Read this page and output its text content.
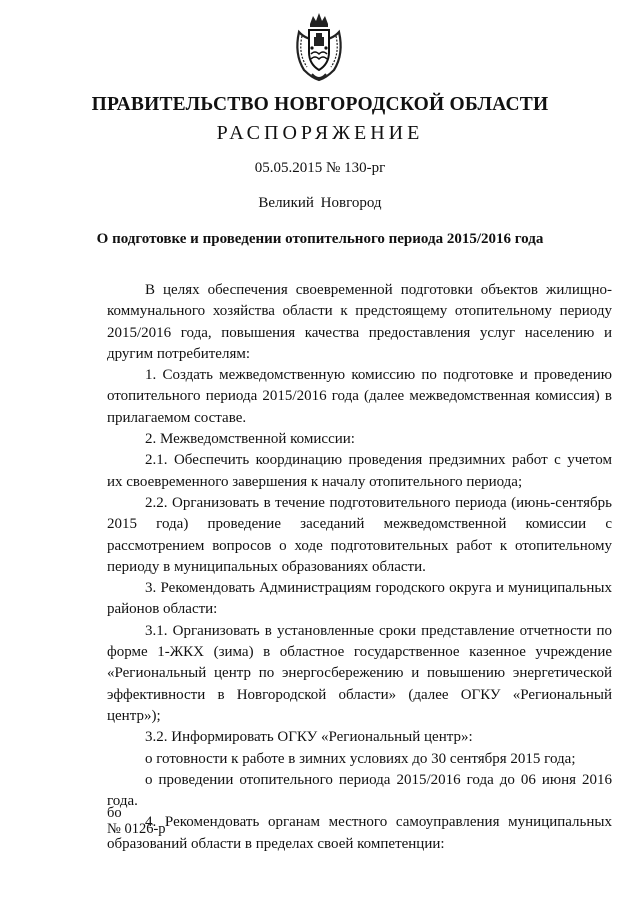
ПРАВИТЕЛЬСТВО НОВГОРОДСКОЙ ОБЛАСТИ
РАСПОРЯЖЕНИЕ
05.05.2015 № 130-рг
Великий Новгород
О подготовке и проведении отопительного периода 2015/2016 года

В целях обеспечения своевременной подготовки объектов жилищно-коммунального хозяйства области к предстоящему отопительному периоду 2015/2016 года, повышения качества предоставления услуг населению и другим потребителям:

1. Создать межведомственную комиссию по подготовке и проведению отопительного периода 2015/2016 года (далее межведомственная комиссия) в прилагаемом составе.

2. Межведомственной комиссии:

2.1. Обеспечить координацию проведения предзимних работ с учетом их своевременного завершения к началу отопительного периода;

2.2. Организовать в течение подготовительного периода (июнь-сентябрь 2015 года) проведение заседаний межведомственной комиссии с рассмотрением вопросов о ходе подготовительных работ к отопительному периоду в муниципальных образованиях области.

3. Рекомендовать Администрациям городского округа и муниципальных районов области:

3.1. Организовать в установленные сроки представление отчетности по форме 1-ЖКХ (зима) в областное государственное казенное учреждение «Региональный центр по энергосбережению и повышению энергетической эффективности в Новгородской области» (далее ОГКУ «Региональный центр»);

3.2. Информировать ОГКУ «Региональный центр»:

о готовности к работе в зимних условиях до 30 сентября 2015 года;

о проведении отопительного периода 2015/2016 года до 06 июня 2016 года.

4. Рекомендовать органам местного самоуправления муниципальных образований области в пределах своей компетенции:

бо
№ 0126-р
